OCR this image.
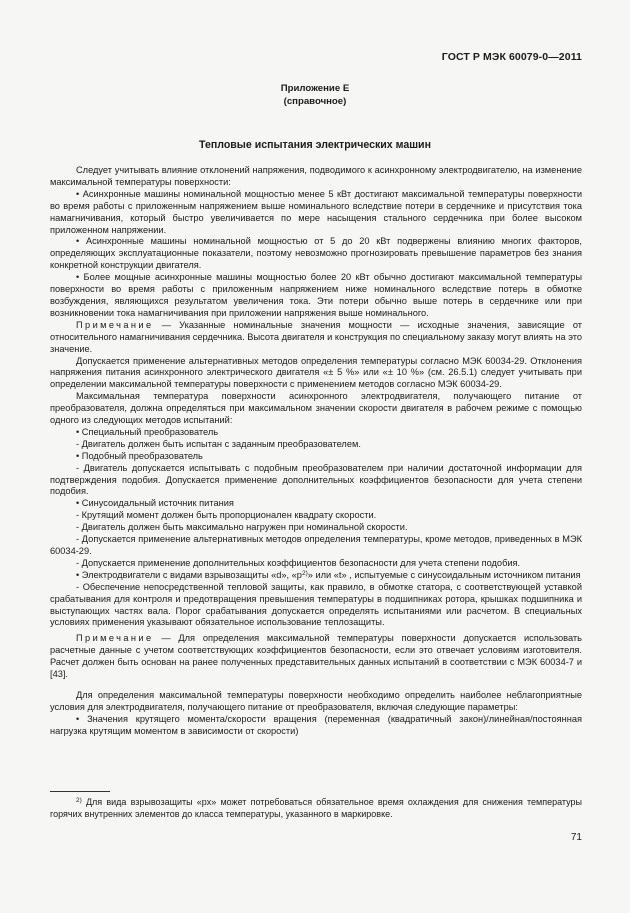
ГОСТ Р МЭК 60079-0—2011
Приложение Е
(справочное)
Тепловые испытания электрических машин

Следует учитывать влияние отклонений напряжения, подводимого к асинхронному электродвигателю, на изменение максимальной температуры поверхности:

• Асинхронные машины номинальной мощностью менее 5 кВт достигают максимальной температуры поверхности во время работы с приложенным напряжением выше номинального вследствие потери в сердечнике и присутствия тока намагничивания, который быстро увеличивается по мере насыщения стального сердечника при более высоком приложенном напряжении.

• Асинхронные машины номинальной мощностью от 5 до 20 кВт подвержены влиянию многих факторов, определяющих эксплуатационные показатели, поэтому невозможно прогнозировать превышение параметров без знания конкретной конструкции двигателя.

• Более мощные асинхронные машины мощностью более 20 кВт обычно достигают максимальной температуры поверхности во время работы с приложенным напряжением ниже номинального вследствие потерь в обмотке возбуждения, являющихся результатом увеличения тока. Эти потери обычно выше потерь в сердечнике или при возникновении тока намагничивания при приложении напряжения выше номинального.

Примечание — Указанные номинальные значения мощности — исходные значения, зависящие от относительного намагничивания сердечника. Высота двигателя и конструкция по специальному заказу могут влиять на это значение.

Допускается применение альтернативных методов определения температуры согласно МЭК 60034-29. Отклонения напряжения питания асинхронного электрического двигателя «± 5 %» или «± 10 %» (см. 26.5.1) следует учитывать при определении максимальной температуры поверхности с применением методов согласно МЭК 60034-29.

Максимальная температура поверхности асинхронного электродвигателя, получающего питание от преобразователя, должна определяться при максимальном значении скорости двигателя в рабочем режиме с помощью одного из следующих методов испытаний:

• Специальный преобразователь

- Двигатель должен быть испытан с заданным преобразователем.

• Подобный преобразователь

- Двигатель допускается испытывать с подобным преобразователем при наличии достаточной информации для подтверждения подобия. Допускается применение дополнительных коэффициентов безопасности для учета степени подобия.

• Синусоидальный источник питания

- Крутящий момент должен быть пропорционален квадрату скорости.

- Двигатель должен быть максимально нагружен при номинальной скорости.

- Допускается применение альтернативных методов определения температуры, кроме методов, приведенных в МЭК 60034-29.

- Допускается применение дополнительных коэффициентов безопасности для учета степени подобия.

• Электродвигатели с видами взрывозащиты «d», «$p^{2)}$» или «t» , испытуемые с синусоидальным источником питания

- Обеспечение непосредственной тепловой защиты, как правило, в обмотке статора, с соответствующей уставкой срабатывания для контроля и предотвращения превышения температуры в подшипниках ротора, крышках подшипника и выступающих частях вала. Порог срабатывания допускается определять испытаниями или расчетом. В специальных условиях применения указывают обязательное использование теплозащиты.

Примечание — Для определения максимальной температуры поверхности допускается использовать расчетные данные с учетом соответствующих коэффициентов безопасности, если это отвечает условиям изготовителя. Расчет должен быть основан на ранее полученных представительных данных испытаний в соответствии с МЭК 60034-7 и [43].

Для определения максимальной температуры поверхности необходимо определить наиболее неблагоприятные условия для электродвигателя, получающего питание от преобразователя, включая следующие параметры:

• Значения крутящего момента/скорости вращения (переменная (квадратичный закон)/линейная/постоянная нагрузка крутящим моментом в зависимости от скорости)

$^{2)}$ Для вида взрывозащиты «px» может потребоваться обязательное время охлаждения для снижения температуры горячих внутренних элементов до класса температуры, указанного в маркировке.

71
